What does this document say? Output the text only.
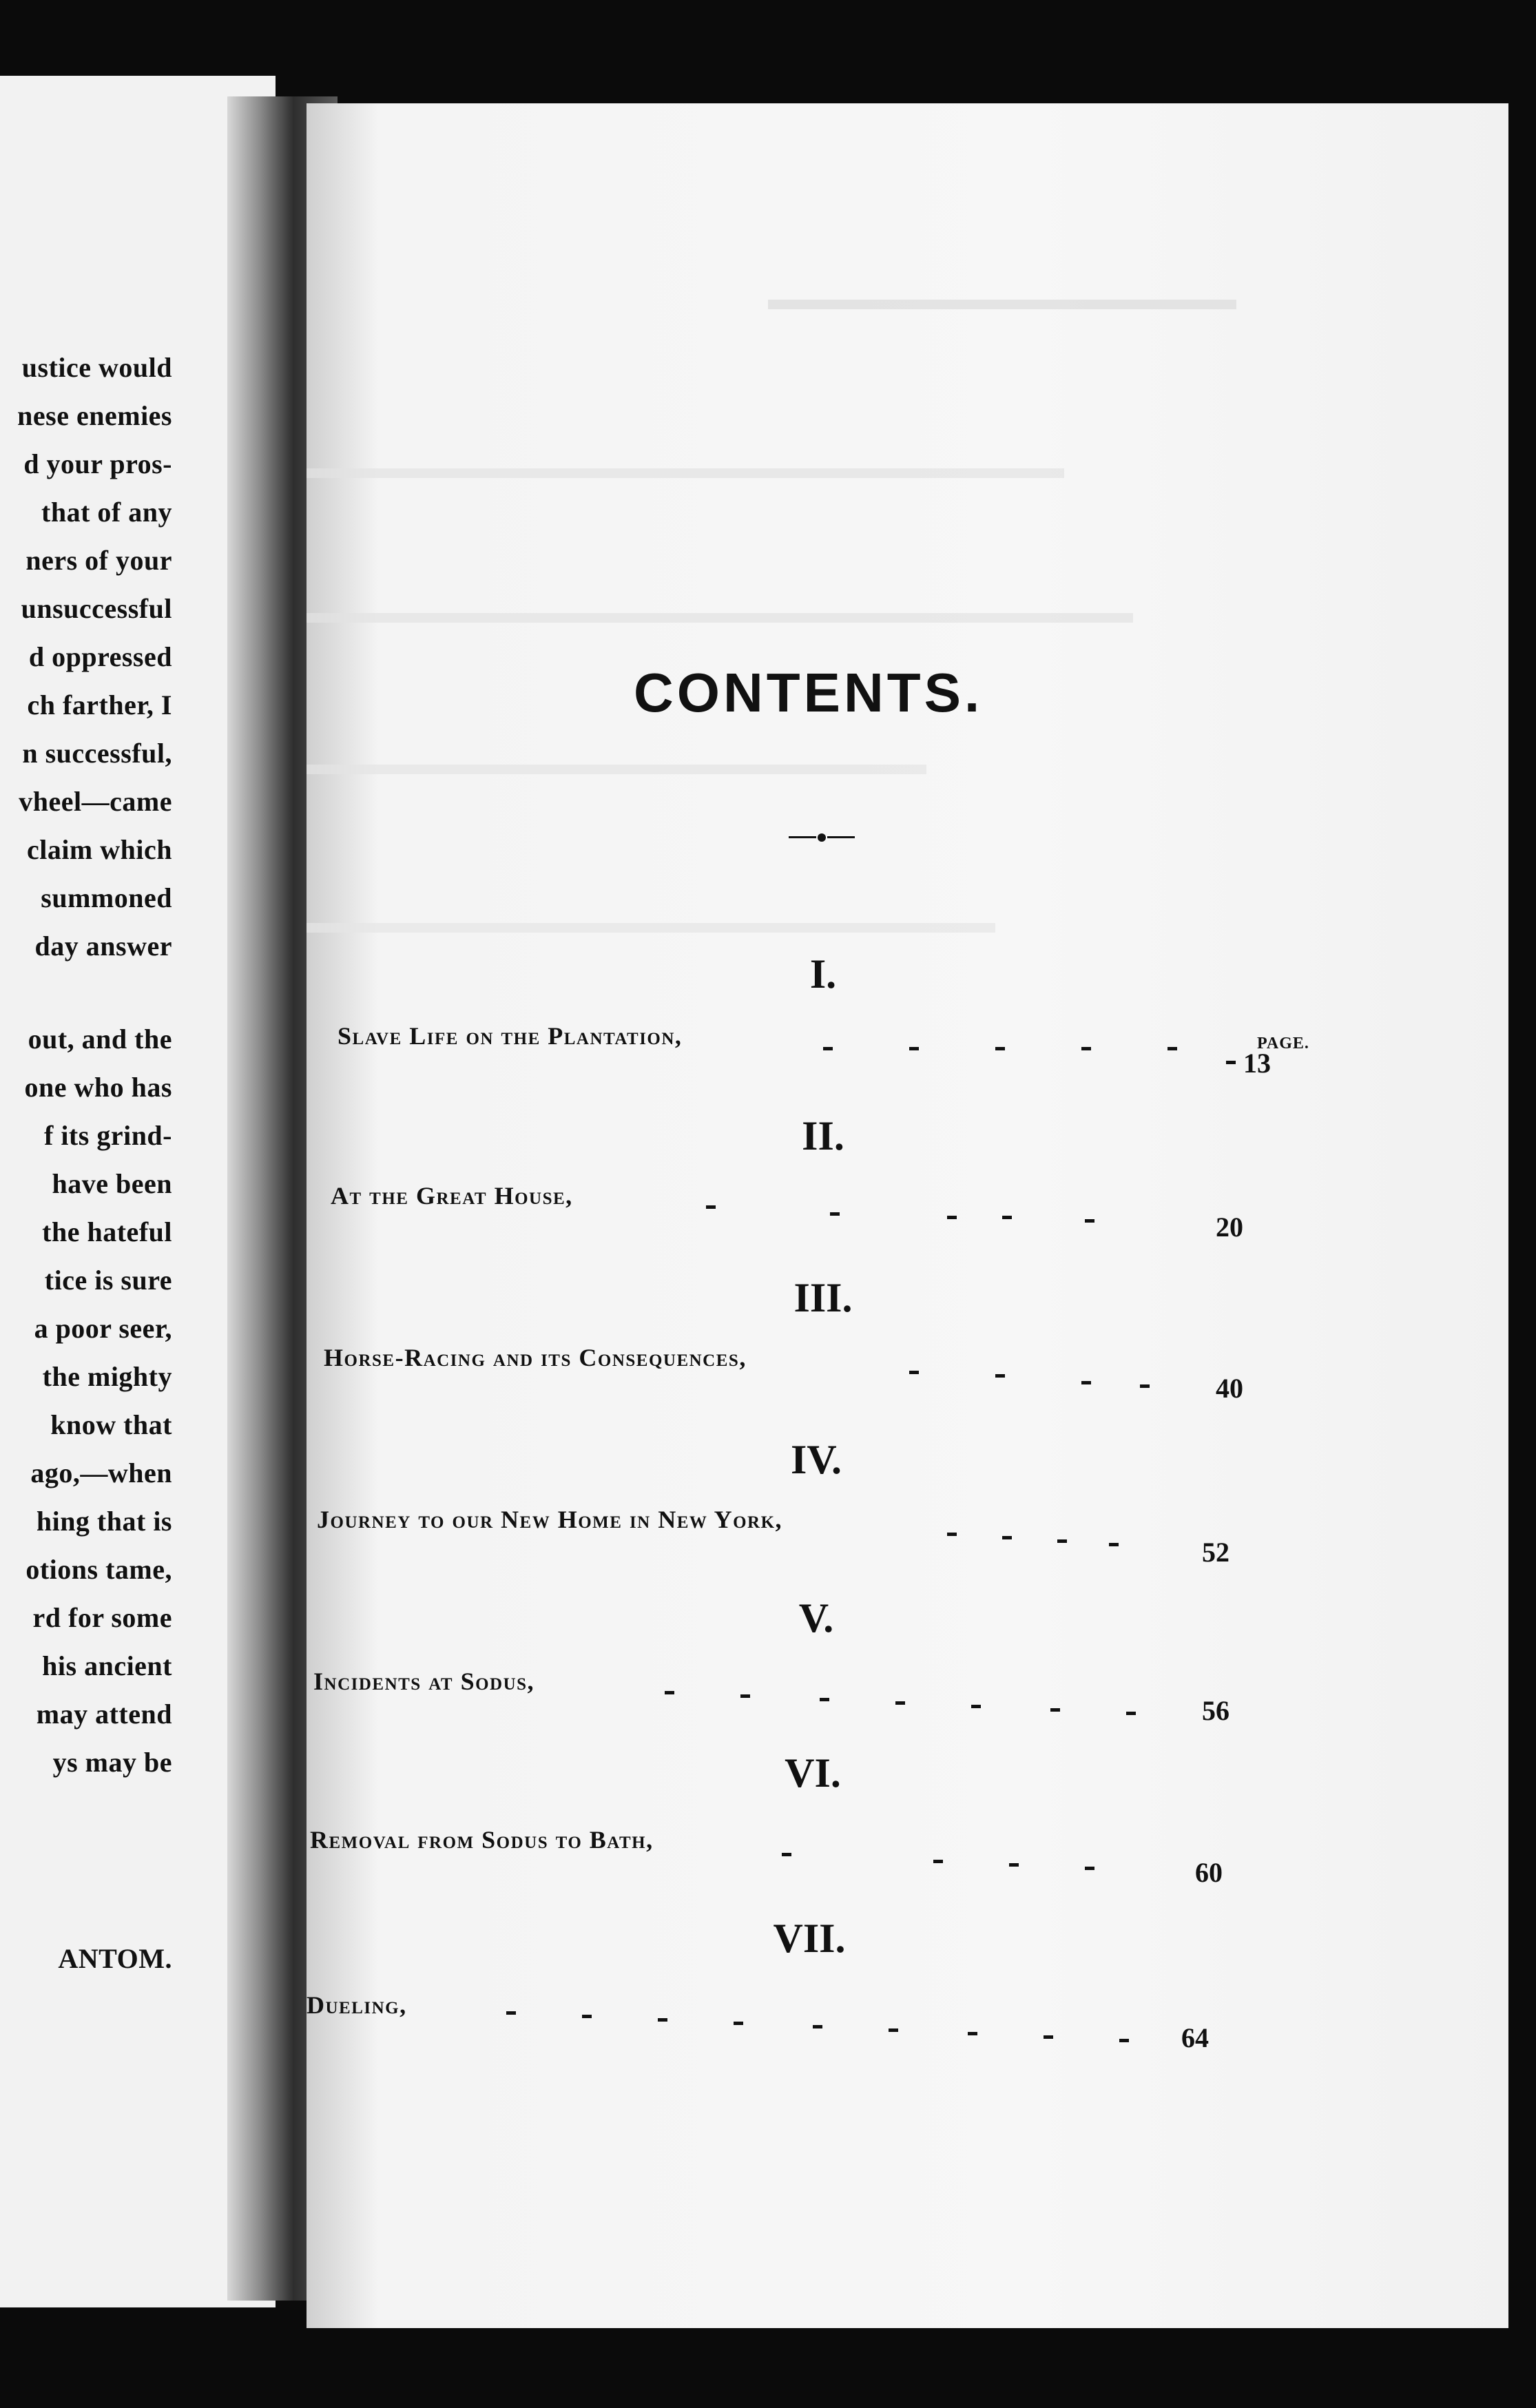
ustice would
nese enemies
d your pros-
that of any
ners of your
unsuccessful
d oppressed
ch farther, I
n successful,
vheel—came
claim which
summoned
day answer
out, and the
one who has
f its grind-
have been
the hateful
tice is sure
a poor seer,
the mighty
know that
ago,—when
hing that is
otions tame,
rd for some
his ancient
may attend
ys may be
ANTOM.
CONTENTS.
PAGE.
I.
Slave Life on the Plantation,
13
II.
At the Great House,
20
III.
Horse-Racing and its Consequences,
40
IV.
Journey to our New Home in New York,
52
V.
Incidents at Sodus,
56
VI.
Removal from Sodus to Bath,
60
VII.
Dueling,
64
